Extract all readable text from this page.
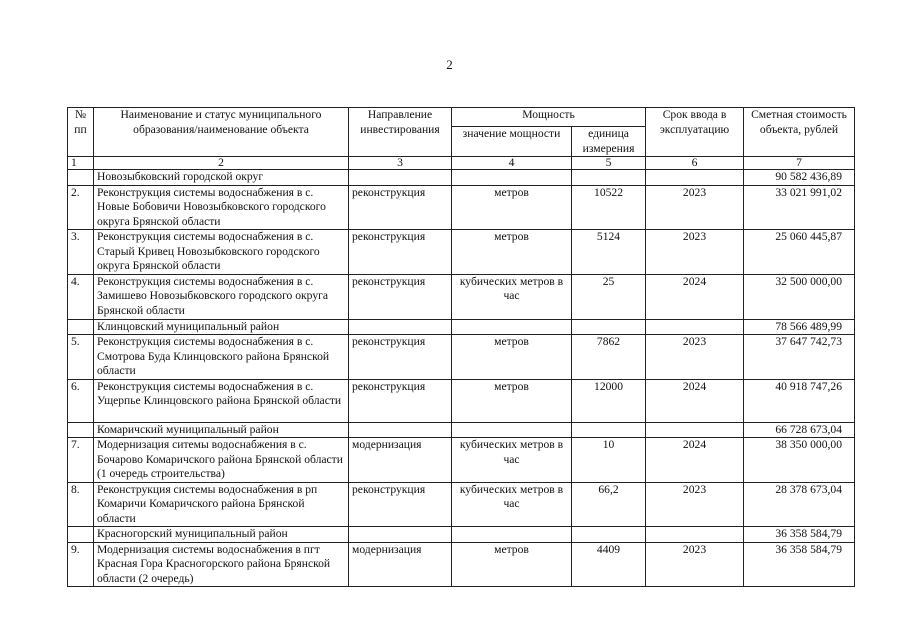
2
№ пп	Наименование и статус муниципального образования/наименование объекта	Направление инвестирования	Мощность		Срок ввода в эксплуатацию	Сметная стоимость объекта, рублей
			значение мощности	единица измерения		
1	2	3	4	5	6	7
	Новозыбковский городской округ					90 582 436,89
2.	Реконструкция системы водоснабжения в с. Новые Бобовичи Новозыбковского городского округа Брянской области	реконструкция	метров	10522	2023	33 021 991,02
3.	Реконструкция системы водоснабжения в с. Старый Кривец Новозыбковского городского округа Брянской области	реконструкция	метров	5124	2023	25 060 445,87
4.	Реконструкция системы водоснабжения в с. Замишево Новозыбковского городского округа Брянской области	реконструкция	кубических метров в час	25	2024	32 500 000,00
	Клинцовский муниципальный район					78 566 489,99
5.	Реконструкция системы водоснабжения в с. Смотрова Буда Клинцовского района Брянской области	реконструкция	метров	7862	2023	37 647 742,73
6.	Реконструкция системы водоснабжения в с. Ущерпье Клинцовского района Брянской области	реконструкция	метров	12000	2024	40 918 747,26
	Комаричский муниципальный район					66 728 673,04
7.	Модернизация ситемы водоснабжения в с. Бочарово Комаричского района Брянской области (1 очередь строительства)	модернизация	кубических метров в час	10	2024	38 350 000,00
8.	Реконструкция системы водоснабжения в рп Комаричи Комаричского района Брянской области	реконструкция	кубических метров в час	66,2	2023	28 378 673,04
	Красногорский муниципальный район					36 358 584,79
9.	Модернизация системы водоснабжения в пгт Красная Гора Красногорского района Брянской области (2 очередь)	модернизация	метров	4409	2023	36 358 584,79
